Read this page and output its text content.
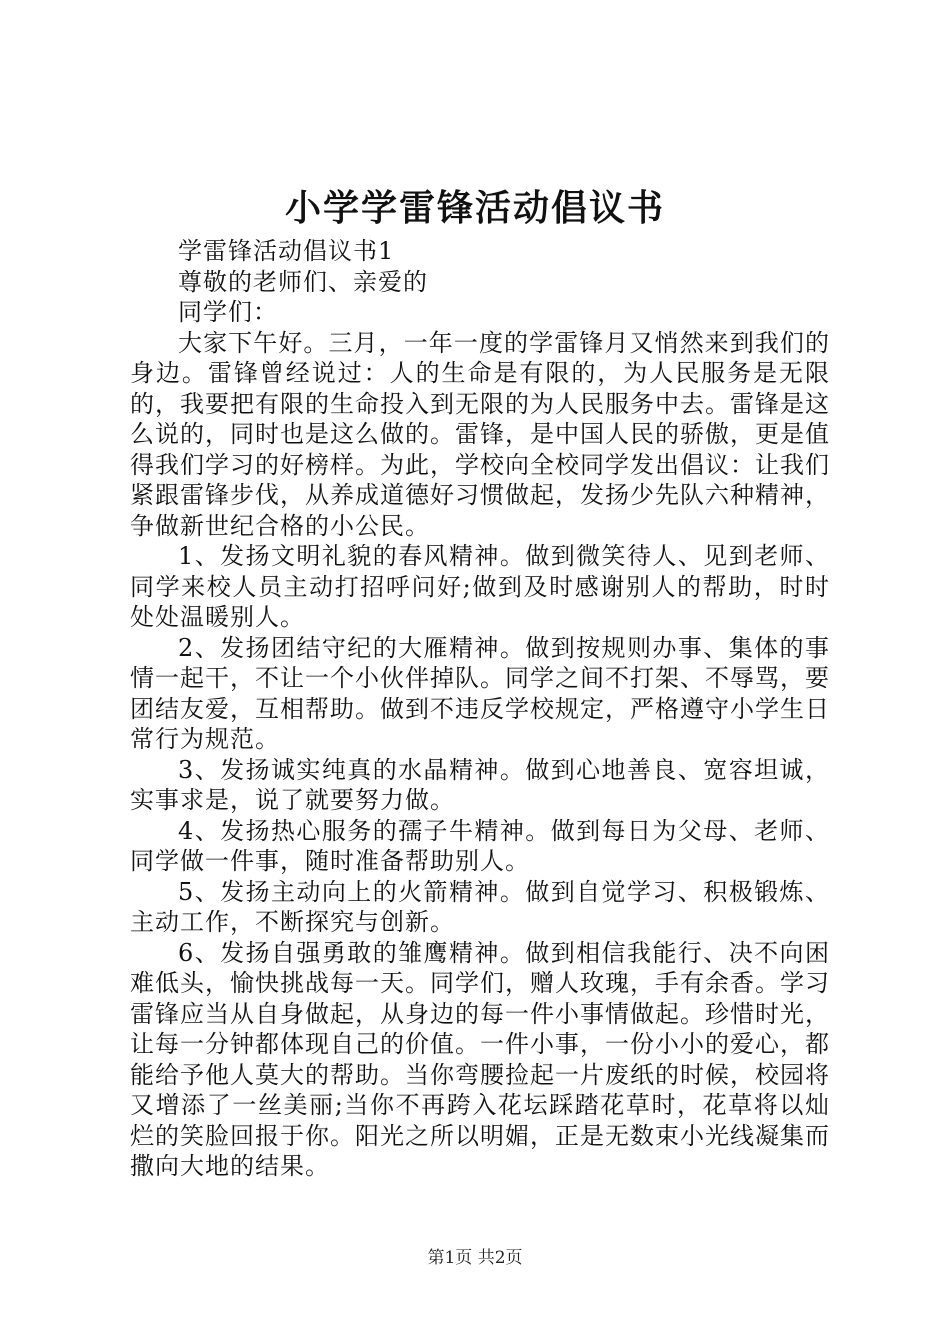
小学学雷锋活动倡议书

学雷锋活动倡议书1

尊敬的老师们、亲爱的

同学们：

大家下午好。三月，一年一度的学雷锋月又悄然来到我们的身边。雷锋曾经说过：人的生命是有限的，为人民服务是无限的，我要把有限的生命投入到无限的为人民服务中去。雷锋是这么说的，同时也是这么做的。雷锋，是中国人民的骄傲，更是值得我们学习的好榜样。为此，学校向全校同学发出倡议：让我们紧跟雷锋步伐，从养成道德好习惯做起，发扬少先队六种精神，争做新世纪合格的小公民。

1、发扬文明礼貌的春风精神。做到微笑待人、见到老师、同学来校人员主动打招呼问好;做到及时感谢别人的帮助，时时处处温暖别人。

2、发扬团结守纪的大雁精神。做到按规则办事、集体的事情一起干，不让一个小伙伴掉队。同学之间不打架、不辱骂，要团结友爱，互相帮助。做到不违反学校规定，严格遵守小学生日常行为规范。

3、发扬诚实纯真的水晶精神。做到心地善良、宽容坦诚，实事求是，说了就要努力做。

4、发扬热心服务的孺子牛精神。做到每日为父母、老师、同学做一件事，随时准备帮助别人。

5、发扬主动向上的火箭精神。做到自觉学习、积极锻炼、主动工作，不断探究与创新。

6、发扬自强勇敢的雏鹰精神。做到相信我能行、决不向困难低头，愉快挑战每一天。同学们，赠人玫瑰，手有余香。学习雷锋应当从自身做起，从身边的每一件小事情做起。珍惜时光，让每一分钟都体现自己的价值。一件小事，一份小小的爱心，都能给予他人莫大的帮助。当你弯腰捡起一片废纸的时候，校园将又增添了一丝美丽;当你不再跨入花坛踩踏花草时，花草将以灿烂的笑脸回报于你。阳光之所以明媚，正是无数束小光线凝集而撒向大地的结果。

第1页 共2页
